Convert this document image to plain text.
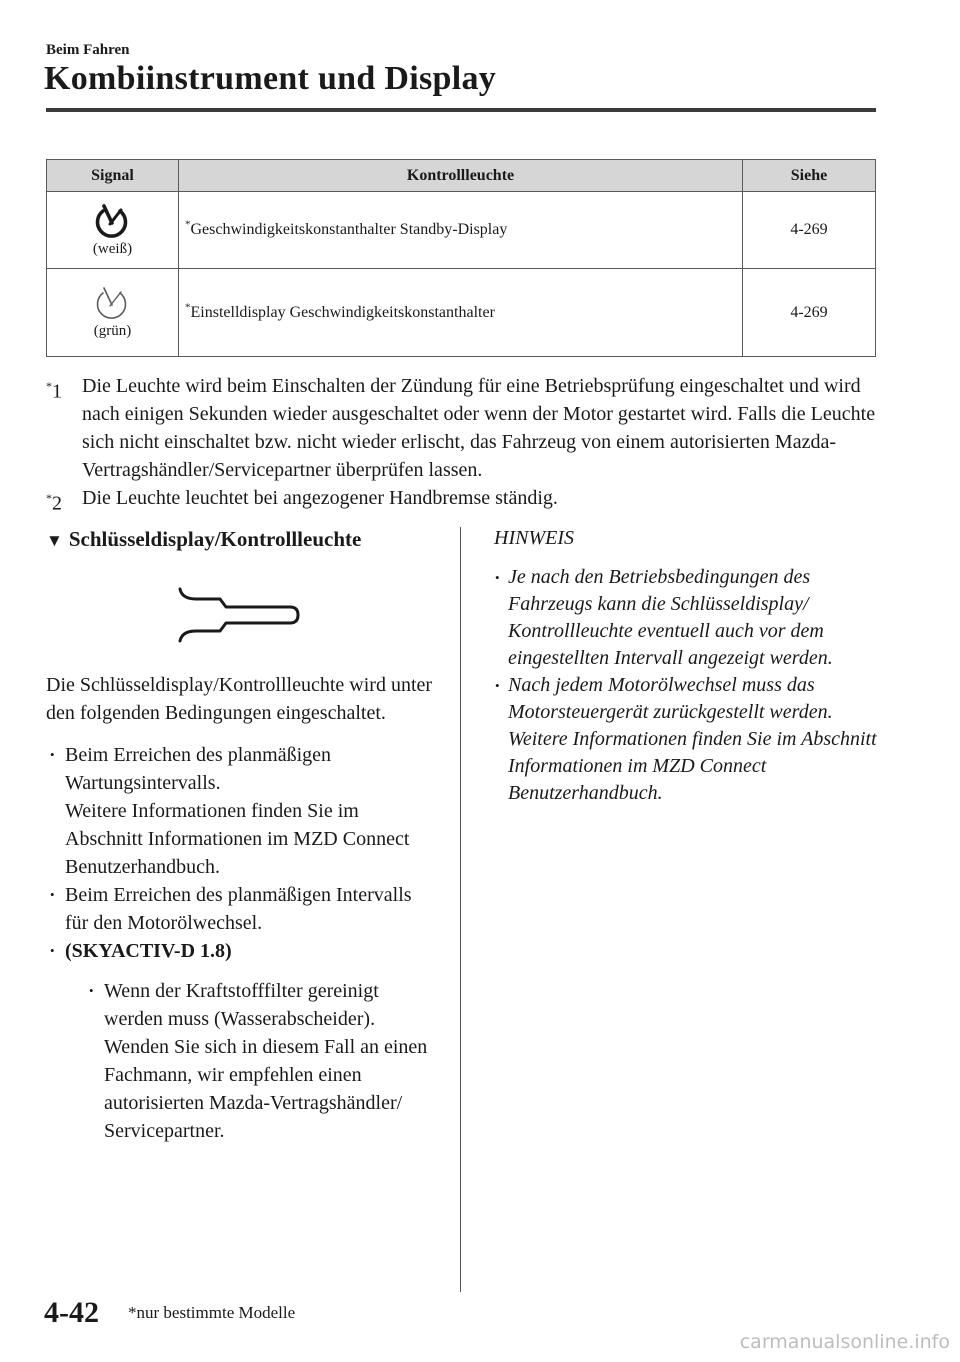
Beim Fahren
Kombiinstrument und Display
Signal	Kontrollleuchte	Siehe

(weiß)	*Geschwindigkeitskonstanthalter Standby-Display	4-269

(grün)	*Einstelldisplay Geschwindigkeitskonstanthalter	4-269
*1 Die Leuchte wird beim Einschalten der Zündung für eine Betriebsprüfung eingeschaltet und wird nach einigen Sekunden wieder ausgeschaltet oder wenn der Motor gestartet wird. Falls die Leuchte sich nicht einschaltet bzw. nicht wieder erlischt, das Fahrzeug von einem autorisierten Mazda-Vertragshändler/Servicepartner überprüfen lassen.
*2 Die Leuchte leuchtet bei angezogener Handbremse ständig.
▼ Schlüsseldisplay/Kontrollleuchte
Die Schlüsseldisplay/Kontrollleuchte wird unter den folgenden Bedingungen eingeschaltet.
• Beim Erreichen des planmäßigen Wartungsintervalls.
Weitere Informationen finden Sie im Abschnitt Informationen im MZD Connect Benutzerhandbuch.
• Beim Erreichen des planmäßigen Intervalls für den Motorölwechsel.
• (SKYACTIV-D 1.8)
• Wenn der Kraftstofffilter gereinigt werden muss (Wasserabscheider).
Wenden Sie sich in diesem Fall an einen Fachmann, wir empfehlen einen autorisierten Mazda-Vertragshändler/ Servicepartner.
HINWEIS
• Je nach den Betriebsbedingungen des Fahrzeugs kann die Schlüsseldisplay/ Kontrollleuchte eventuell auch vor dem eingestellten Intervall angezeigt werden.
• Nach jedem Motorölwechsel muss das Motorsteuergerät zurückgestellt werden. Weitere Informationen finden Sie im Abschnitt Informationen im MZD Connect Benutzerhandbuch.
4-42 *nur bestimmte Modelle
carmanualsonline.info
